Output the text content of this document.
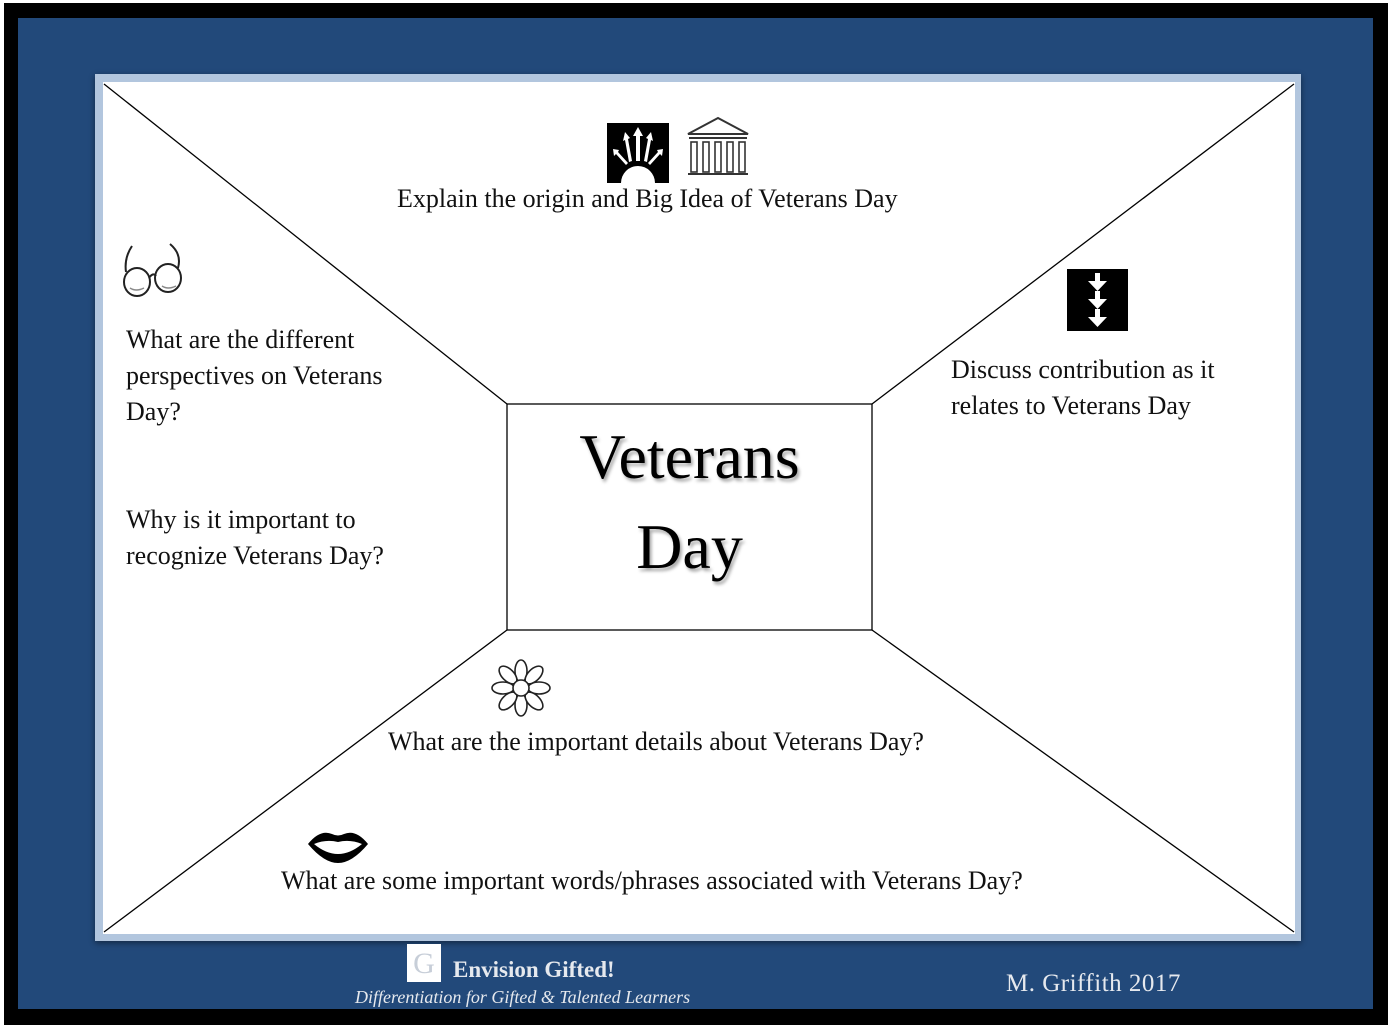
Veterans
Day
Explain the origin and Big Idea of Veterans Day
What are the different
perspectives on Veterans
Day?
Why is it important to
recognize Veterans Day?
Discuss contribution as it
relates to Veterans Day
What are the important details about Veterans Day?
What are some important words/phrases associated with Veterans Day?
G Envision Gifted!
Differentiation for Gifted & Talented Learners	M. Griffith 2017
